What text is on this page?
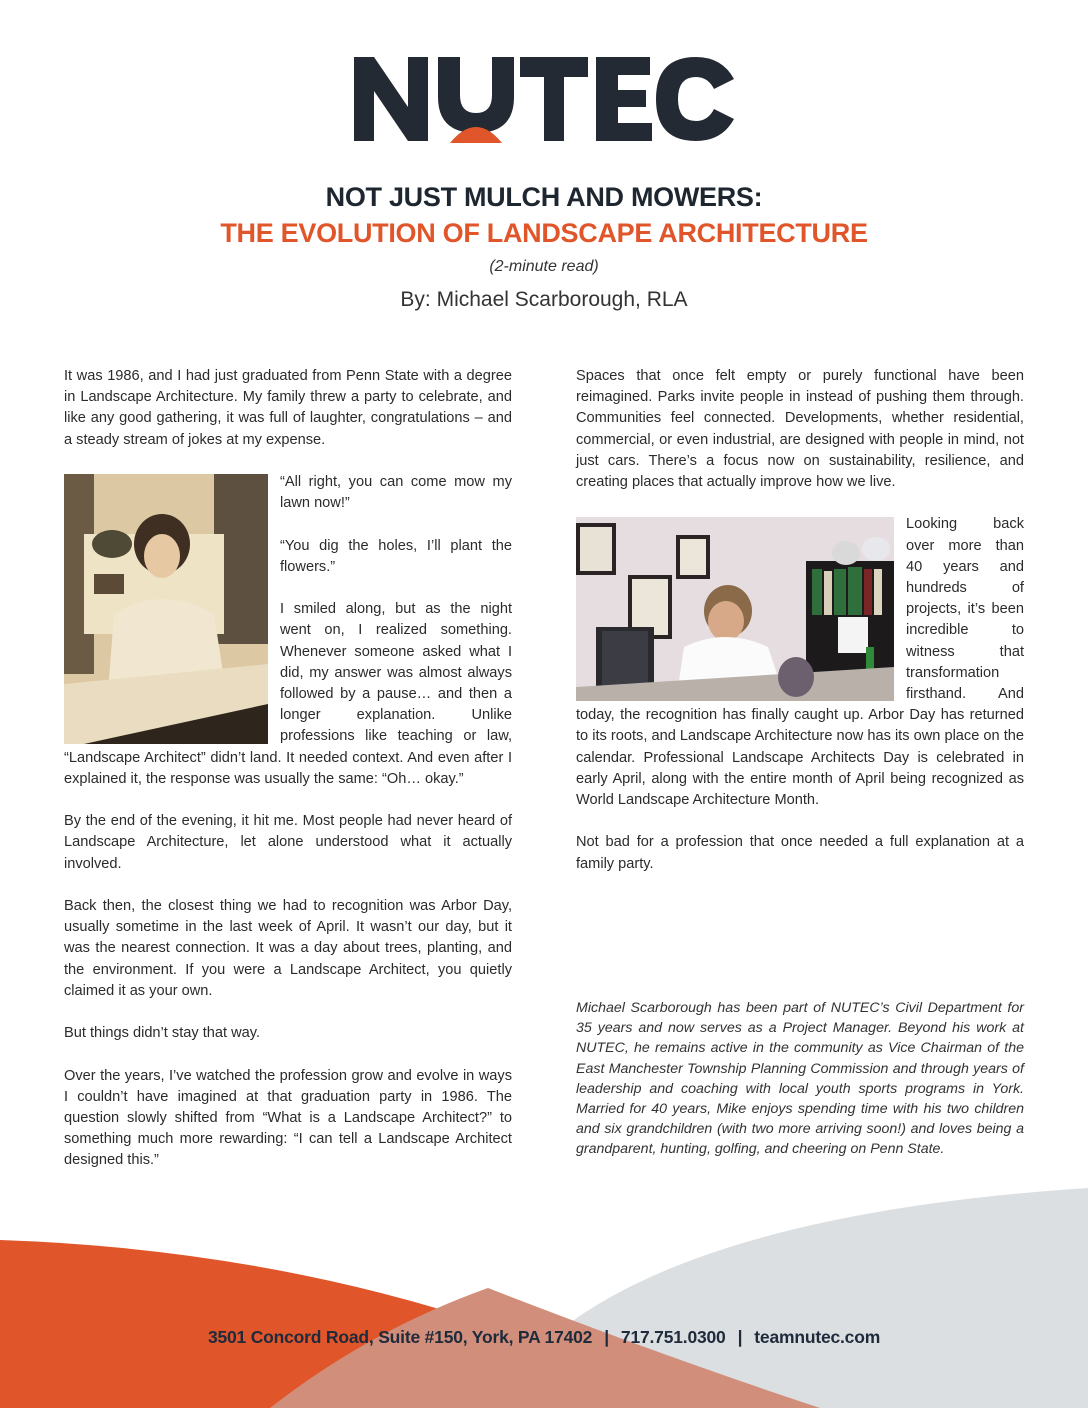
NOT JUST MULCH AND MOWERS:
THE EVOLUTION OF LANDSCAPE ARCHITECTURE
(2-minute read)
By: Michael Scarborough, RLA

It was 1986, and I had just graduated from Penn State with a degree in Landscape Architecture. My family threw a party to celebrate, and like any good gathering, it was full of laughter, congratulations – and a steady stream of jokes at my expense.

“All right, you can come mow my lawn now!”

“You dig the holes, I’ll plant the flowers.”

I smiled along, but as the night went on, I realized something. Whenever someone asked what I did, my answer was almost always followed by a pause… and then a longer explanation. Unlike professions like teaching or law, “Landscape Architect” didn’t land. It needed context. And even after I explained it, the response was usually the same: “Oh… okay.”

By the end of the evening, it hit me. Most people had never heard of Landscape Architecture, let alone understood what it actually involved.

Back then, the closest thing we had to recognition was Arbor Day, usually sometime in the last week of April. It wasn’t our day, but it was the nearest connection. It was a day about trees, planting, and the environment. If you were a Landscape Architect, you quietly claimed it as your own.

But things didn’t stay that way.

Over the years, I’ve watched the profession grow and evolve in ways I couldn’t have imagined at that graduation party in 1986. The question slowly shifted from “What is a Landscape Architect?” to something much more rewarding: “I can tell a Landscape Architect designed this.”

Spaces that once felt empty or purely functional have been reimagined. Parks invite people in instead of pushing them through. Communities feel connected. Developments, whether residential, commercial, or even industrial, are designed with people in mind, not just cars. There’s a focus now on sustainability, resilience, and creating places that actually improve how we live.

Looking back over more than 40 years and hundreds of projects, it’s been incredible to witness that transformation firsthand. And today, the recognition has finally caught up. Arbor Day has returned to its roots, and Landscape Architecture now has its own place on the calendar. Professional Landscape Architects Day is celebrated in early April, along with the entire month of April being recognized as World Landscape Architecture Month.

Not bad for a profession that once needed a full explanation at a family party.

Michael Scarborough has been part of NUTEC’s Civil Department for 35 years and now serves as a Project Manager. Beyond his work at NUTEC, he remains active in the community as Vice Chairman of the East Manchester Township Planning Commission and through years of leadership and coaching with local youth sports programs in York. Married for 40 years, Mike enjoys spending time with his two children and six grandchildren (with two more arriving soon!) and loves being a grandparent, hunting, golfing, and cheering on Penn State.
3501 Concord Road, Suite #150, York, PA 17402 | 717.751.0300 | teamnutec.com
